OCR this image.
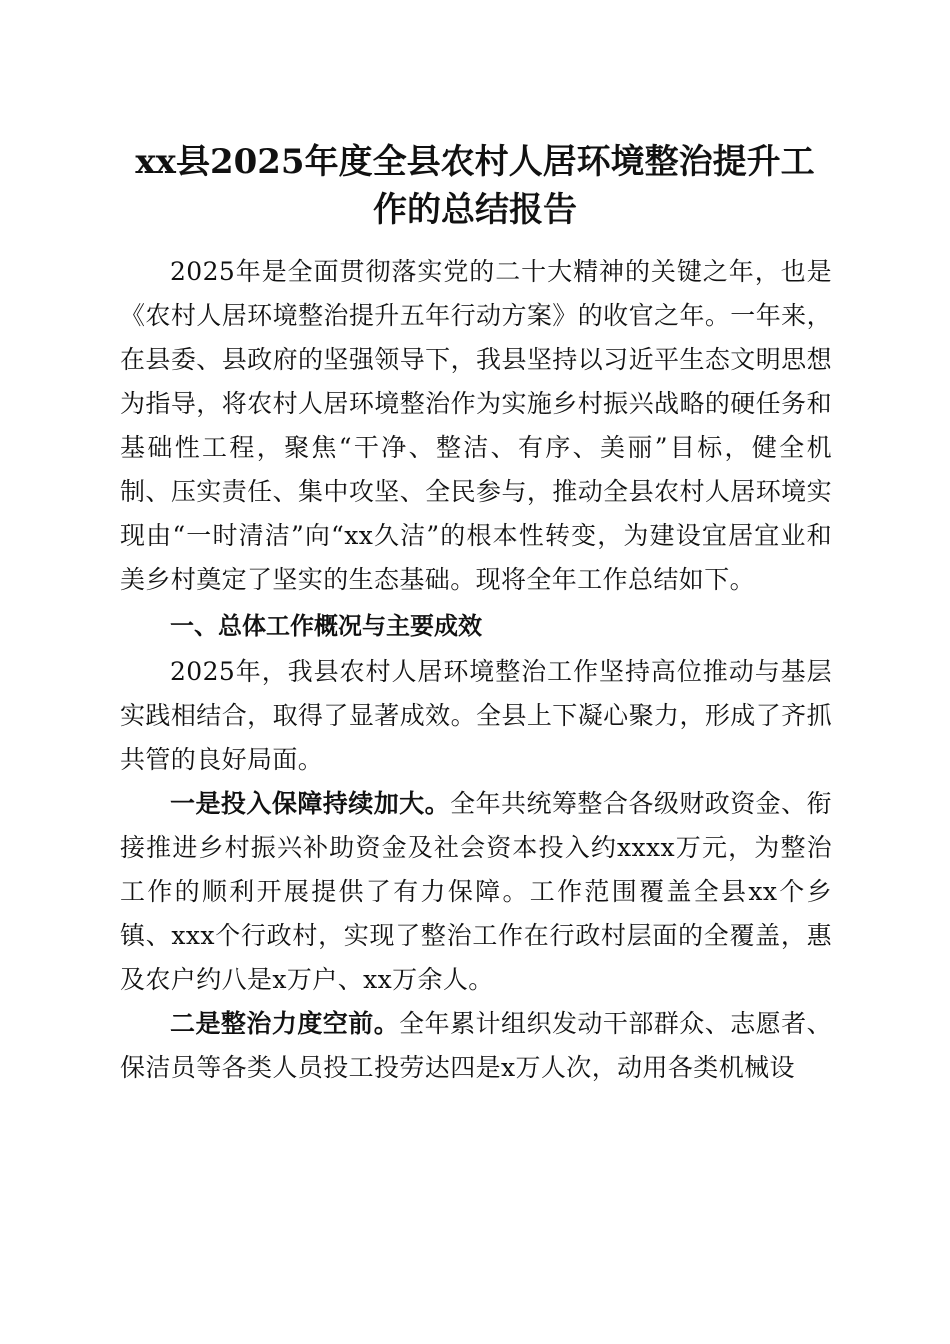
xx县2025年度全县农村人居环境整治提升工
作的总结报告

2025年是全面贯彻落实党的二十大精神的关键之年，也是《农村人居环境整治提升五年行动方案》的收官之年。一年来，在县委、县政府的坚强领导下，我县坚持以习近平生态文明思想为指导，将农村人居环境整治作为实施乡村振兴战略的硬任务和基础性工程，聚焦“干净、整洁、有序、美丽”目标，健全机制、压实责任、集中攻坚、全民参与，推动全县农村人居环境实现由“一时清洁”向“xx久洁”的根本性转变，为建设宜居宜业和美乡村奠定了坚实的生态基础。现将全年工作总结如下。

一、总体工作概况与主要成效

2025年，我县农村人居环境整治工作坚持高位推动与基层实践相结合，取得了显著成效。全县上下凝心聚力，形成了齐抓共管的良好局面。

一是投入保障持续加大。全年共统筹整合各级财政资金、衔接推进乡村振兴补助资金及社会资本投入约xxxx万元，为整治工作的顺利开展提供了有力保障。工作范围覆盖全县xx个乡镇、xxx个行政村，实现了整治工作在行政村层面的全覆盖，惠及农户约八是x万户、xx万余人。

二是整治力度空前。全年累计组织发动干部群众、志愿者、保洁员等各类人员投工投劳达四是x万人次，动用各类机械设
